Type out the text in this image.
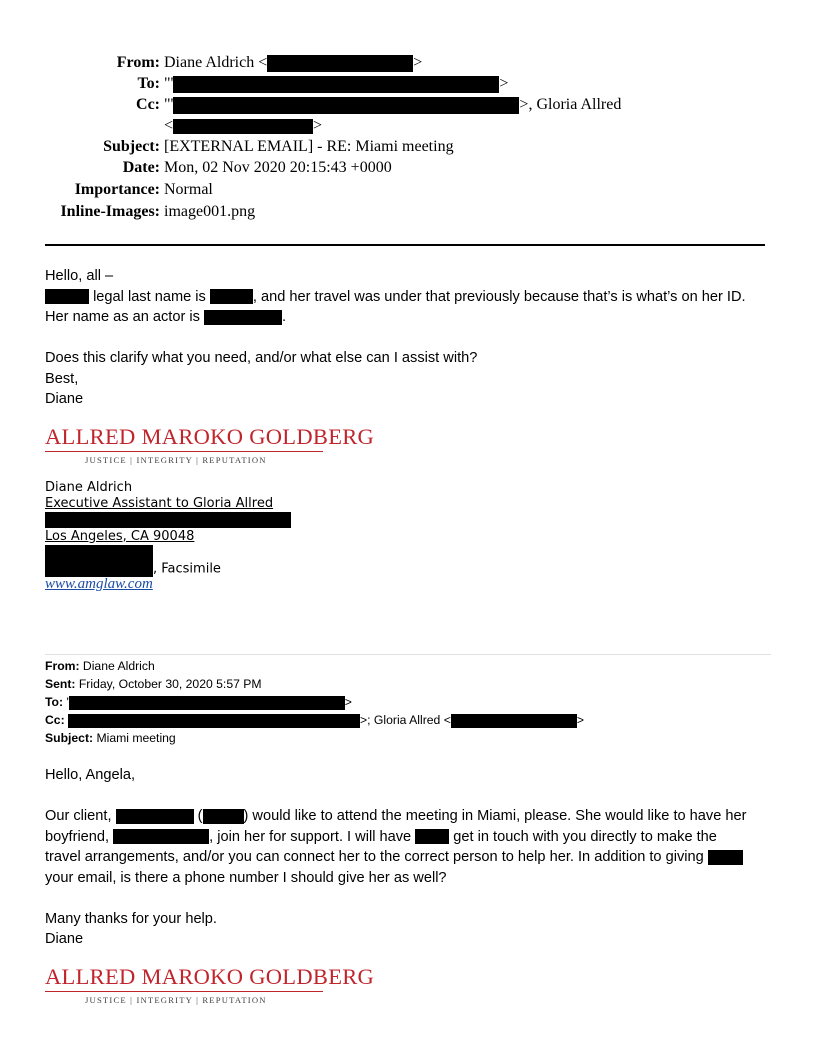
From: Diane Aldrich <	>
To: "'	>
Cc: "'	>, Gloria Allred
<	>
Subject: [EXTERNAL EMAIL] - RE: Miami meeting
Date: Mon, 02 Nov 2020 20:15:43 +0000
Importance: Normal
Inline-Images: image001.png
Hello, all –
legal last name is	, and her travel was under that previously because that’s is what’s on her ID.
Her name as an actor is	.
Does this clarify what you need, and/or what else can I assist with?
Best,
Diane
ALLRED MAROKO GOLDBERG
JUSTICE | INTEGRITY | REPUTATION
Diane Aldrich
Executive Assistant to Gloria Allred
Los Angeles, CA 90048
, Facsimile
www.amglaw.com
From: Diane Aldrich
Sent: Friday, October 30, 2020 5:57 PM
To: '	>
Cc:	>; Gloria Allred <	>
Subject: Miami meeting
Hello, Angela,
Our client,	(	) would like to attend the meeting in Miami, please. She would like to have her
boyfriend,	, join her for support. I will have	get in touch with you directly to make the
travel arrangements, and/or you can connect her to the correct person to help her. In addition to giving
your email, is there a phone number I should give her as well?
Many thanks for your help.
Diane
ALLRED MAROKO GOLDBERG
JUSTICE | INTEGRITY | REPUTATION
